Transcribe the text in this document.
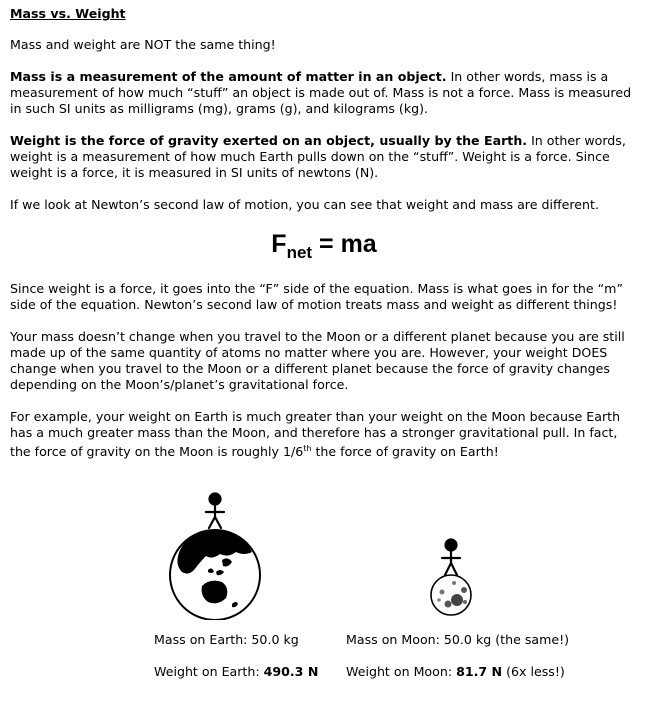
Mass vs. Weight

Mass and weight are NOT the same thing!

Mass is a measurement of the amount of matter in an object. In other words, mass is a measurement of how much “stuff” an object is made out of. Mass is not a force. Mass is measured in such SI units as milligrams (mg), grams (g), and kilograms (kg).

Weight is the force of gravity exerted on an object, usually by the Earth. In other words, weight is a measurement of how much Earth pulls down on the “stuff”. Weight is a force. Since weight is a force, it is measured in SI units of newtons (N).

If we look at Newton’s second law of motion, you can see that weight and mass are different.

$F_{net}$ = ma

Since weight is a force, it goes into the “F” side of the equation. Mass is what goes in for the “m” side of the equation. Newton’s second law of motion treats mass and weight as different things!

Your mass doesn’t change when you travel to the Moon or a different planet because you are still made up of the same quantity of atoms no matter where you are. However, your weight DOES change when you travel to the Moon or a different planet because the force of gravity changes depending on the Moon’s/planet’s gravitational force.

For example, your weight on Earth is much greater than your weight on the Moon because Earth has a much greater mass than the Moon, and therefore has a stronger gravitational pull. In fact, the force of gravity on the Moon is roughly 1/6th the force of gravity on Earth!

Mass on Earth: 50.0 kg
Weight on Earth: 490.3 N
Mass on Moon: 50.0 kg (the same!)
Weight on Moon: 81.7 N (6x less!)
